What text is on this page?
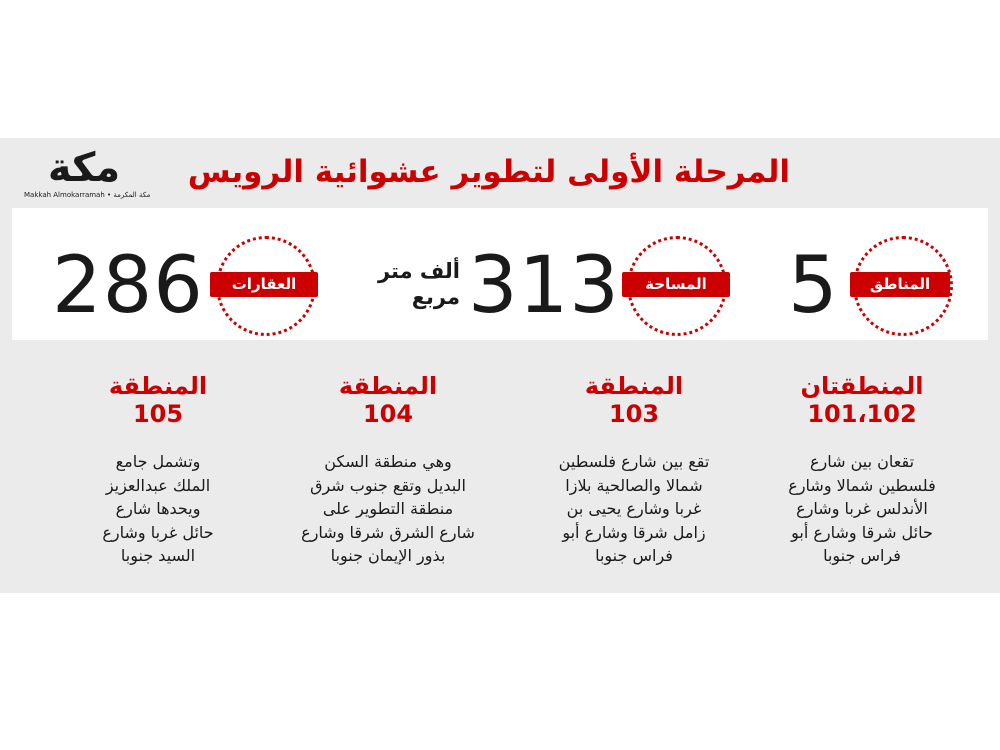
مكة
Makkah Almokarramah • مكة المكرمة
المرحلة الأولى لتطوير عشوائية الرويس
286	العقارات
ألف متر
مربع 313	المساحة 5	المناطق
المنطقتان
101،102
تقعان بين شارع
فلسطين شمالا وشارع
الأندلس غربا وشارع
حائل شرقا وشارع أبو
فراس جنوبا
المنطقة
103
تقع بين شارع فلسطين
شمالا والصالحية بلازا
غربا وشارع يحيى بن
زامل شرقا وشارع أبو
فراس جنوبا
المنطقة
104
وهي منطقة السكن
البديل وتقع جنوب شرق
منطقة التطوير على
شارع الشرق شرقا وشارع
بذور الإيمان جنوبا
المنطقة
105
وتشمل جامع
الملك عبدالعزيز
ويحدها شارع
حائل غربا وشارع
السيد جنوبا
